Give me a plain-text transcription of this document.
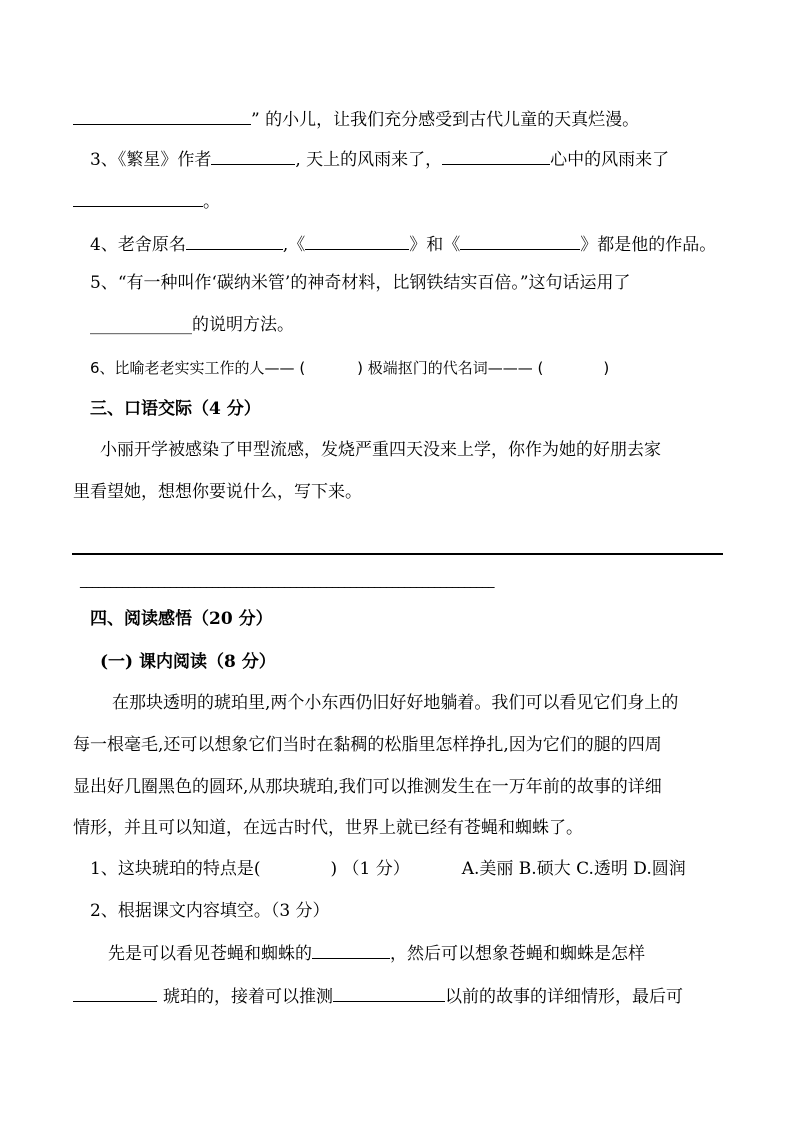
” 的小儿，让我们充分感受到古代儿童的天真烂漫。
3、《繁星》作者	, 天上的风雨来了，	心中的风雨来了
。
4、老舍原名	,《	》和《	》都是他的作品。
5、“有一种叫作‘碳纳米管’的神奇材料，比钢铁结实百倍。”这句话运用了
____________的说明方法。
6、比喻老老实实工作的人—— (	) 极端抠门的代名词——— (	)
三、口语交际（4 分）
小丽开学被感染了甲型流感，发烧严重四天没来上学，你作为她的好朋去家
里看望她，想想你要说什么，写下来。
_____________________________________________________________________
四、阅读感悟（20 分）
(一) 课内阅读（8 分）
在那块透明的琥珀里,两个小东西仍旧好好地躺着。我们可以看见它们身上的
每一根毫毛,还可以想象它们当时在黏稠的松脂里怎样挣扎,因为它们的腿的四周
显出好几圈黑色的圆环,从那块琥珀,我们可以推测发生在一万年前的故事的详细
情形，并且可以知道，在远古时代，世界上就已经有苍蝇和蜘蛛了。
1、这块琥珀的特点是(	) （1 分）	A.美丽 B.硕大 C.透明 D.圆润
2、根据课文内容填空。（3 分）
先是可以看见苍蝇和蜘蛛的	，然后可以想象苍蝇和蜘蛛是怎样
琥珀的，接着可以推测	以前的故事的详细情形，最后可
